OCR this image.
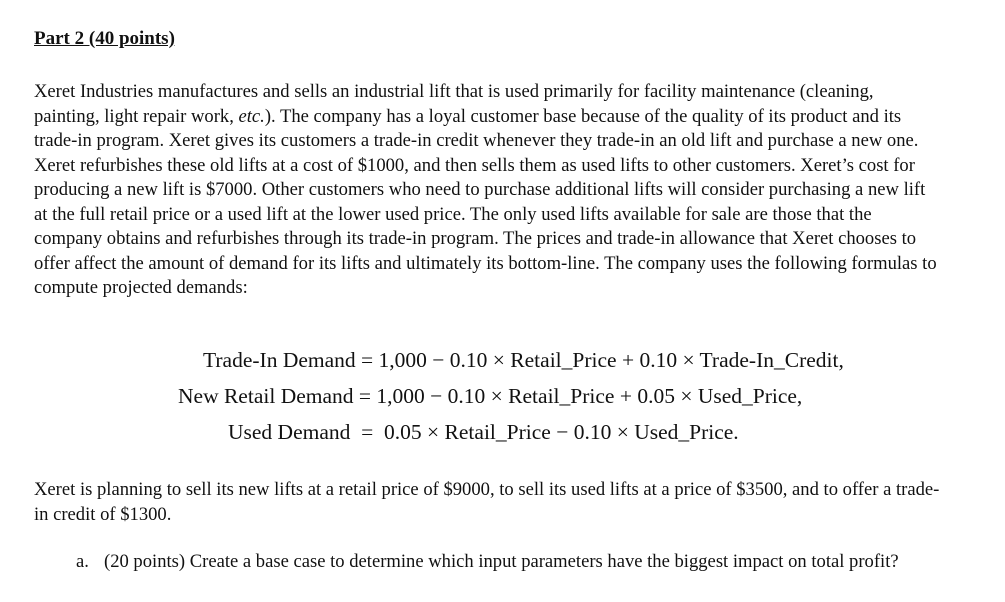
Part 2 (40 points)

Xeret Industries manufactures and sells an industrial lift that is used primarily for facility maintenance (cleaning, painting, light repair work, etc.). The company has a loyal customer base because of the quality of its product and its trade-in program. Xeret gives its customers a trade-in credit whenever they trade-in an old lift and purchase a new one. Xeret refurbishes these old lifts at a cost of $1000, and then sells them as used lifts to other customers. Xeret’s cost for producing a new lift is $7000. Other customers who need to purchase additional lifts will consider purchasing a new lift at the full retail price or a used lift at the lower used price. The only used lifts available for sale are those that the company obtains and refurbishes through its trade-in program. The prices and trade-in allowance that Xeret chooses to offer affect the amount of demand for its lifts and ultimately its bottom-line. The company uses the following formulas to compute projected demands:

Trade-In Demand = 1,000 − 0.10 × Retail_Price + 0.10 × Trade-In_Credit,
New Retail Demand = 1,000 − 0.10 × Retail_Price + 0.05 × Used_Price,
Used Demand  =  0.05 × Retail_Price − 0.10 × Used_Price.

Xeret is planning to sell its new lifts at a retail price of $9000, to sell its used lifts at a price of $3500, and to offer a trade-in credit of $1300.

a. (20 points) Create a base case to determine which input parameters have the biggest impact on total profit?
